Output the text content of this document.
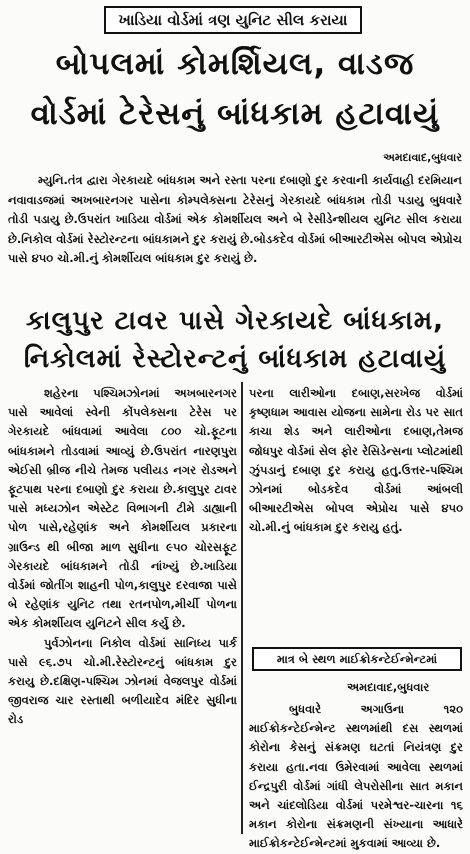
ખાડિયા વોર્ડમાં ત્રણ યુનિટ સીલ કરાયા
બોપલમાં કોમર્શિયલ, વાડજ
વોર્ડમાં ટેરેસનું બાંધકામ હટાવાયું
અમદાવાદ,બુધવાર
મ્યુનિ.તંત્ર દ્વારા ગેરકાયદે બાંધકામ અને રસ્તા પરના દબાણો દુર કરવાની કાર્યવાહી દરમિયાન નવાવાડજમાં અખબારનગર પાસેના કોમ્પલેક્સના ટેરેસનું ગેરકાયદે બાંધકામ તોડી પડાયુ બુધવારે તોડી પડાયુ છે.ઉપરાંત ખાડિયા વોર્ડમાં એક કોમર્શીયલ અને બે રેસીડેન્શીયલ યુનિટ સીલ કરાયા છે.નિકોલ વોર્ડમાં રેસ્ટોરન્ટના બાંધકામને દુર કરાયું છે.બોડકદેવ વોર્ડમાં બીઆરટીએસ બોપલ એપ્રોચ પાસે ૪૫૦ ચો.મી.નું કોમર્શીયલ બાંધકામ દુર કરાયું છે.
કાલુપુર ટાવર પાસે ગેરકાયદે બાંધકામ,
નિકોલમાં રેસ્ટોરન્ટનું બાંધકામ હટાવાયું

શહેરના પશ્ચિમઝોનમાં અખબારનગર પાસે આવેલાં સ્વેની કોંપલેક્સના ટેરેસ પર ગેરકાયદે બાંધવામાં આવેલા ૮૦૦ ચો.ફૂટના બાંધકામને તોડવામાં આવ્યું છે.ઉપરાંત નારણપુરા એઈસી બ્રીજ નીચે તેમજ પલીયડ નગર રોડઅને ફૂટપાથ પરના દબાણો દુર કરાયા છે.કાલુપુર ટાવર પાસે મધ્યઝોન એસ્ટેટ વિભાગની ટીમે ડાહ્યાની પોળ પાસે,રહેણાંક અને કોમર્શીયલ પ્રકારના ગ્રાઉન્ડ થી બીજા માળ સુધીના ૯૫૦ ચોરસફૂટ ગેરકાયદે બાંધકામને તોડી નાંખ્યું છે.ખાડિયા વોર્ડમાં જોતીંગ શાહની પોળ,કાલુપુર દરવાજા પાસે બે રહેણાંક યુનિટ તથા રતનપોળ,મીર્ચી પોળના એક કોમર્શીયલ યુનિટને સીલ કર્યુ છે.

પુર્વઝોનના નિકોલ વોર્ડમાં સાનિધ્ય પાર્ક પાસે ૯૬.૭૫ ચો.મી.રેસ્ટોરન્ટનું બાંધકામ દુર કરાયુ છે.દક્ષિણ-પશ્ચિમ ઝોનમાં વેજલપુર વોર્ડમાં જીવરાજ ચાર રસ્તાથી બળીયાદેવ મંદિર સુધીના રોડ

પરના લારીઓના દબાણ,સરખેજ વોર્ડમાં કૃષ્ણધામ આવાસ યોજના સામેના રોડ પર સાત કાચા શેડ અને લારીઓના દબાણ,તેમજ જોધપુર વોર્ડમાં સેલ ફોર રેસિડેન્સના પ્લોટમાંથી ઝુંપડાનું દબાણ દુર કરાયુ હતુ.ઉત્તર-પશ્ચિમ ઝોનમાં બોડકદેવ વોર્ડમાં આંબલી બીઆરટીએસ બોપલ એપ્રોચ પાસે ૪૫૦ ચો.મી.નું બાંધકામ દુર કરાયુ હતું.
માત્ર બે સ્થળ માઈક્રોકન્ટેઈન્મેન્ટમાં
અમદાવાદ,બુધવાર
બુધવારે અગાઉના ૧૨૦ માઈક્રોકન્ટેઈન્મેન્ટ સ્થળમાંથી દસ સ્થળમાં કોરોના કેસનું સંક્રમણ ઘટતાં નિયંત્રણ દુર કરાયા હતા.નવા ઉમેરવામાં આવેલા સ્થળમાં ઈન્દ્રપુરી વોર્ડમાં ગાંધી લેપરોસીના સાત મકાન અને ચાંદલોડિયા વોર્ડમાં પરમેશ્વર-ચારના ૧૬ મકાન કોરોના સંક્રમણની સંખ્યાના આધારે માઈક્રોકન્ટેઈન્મેન્ટમાં મુકવામાં આવ્યા છે.
